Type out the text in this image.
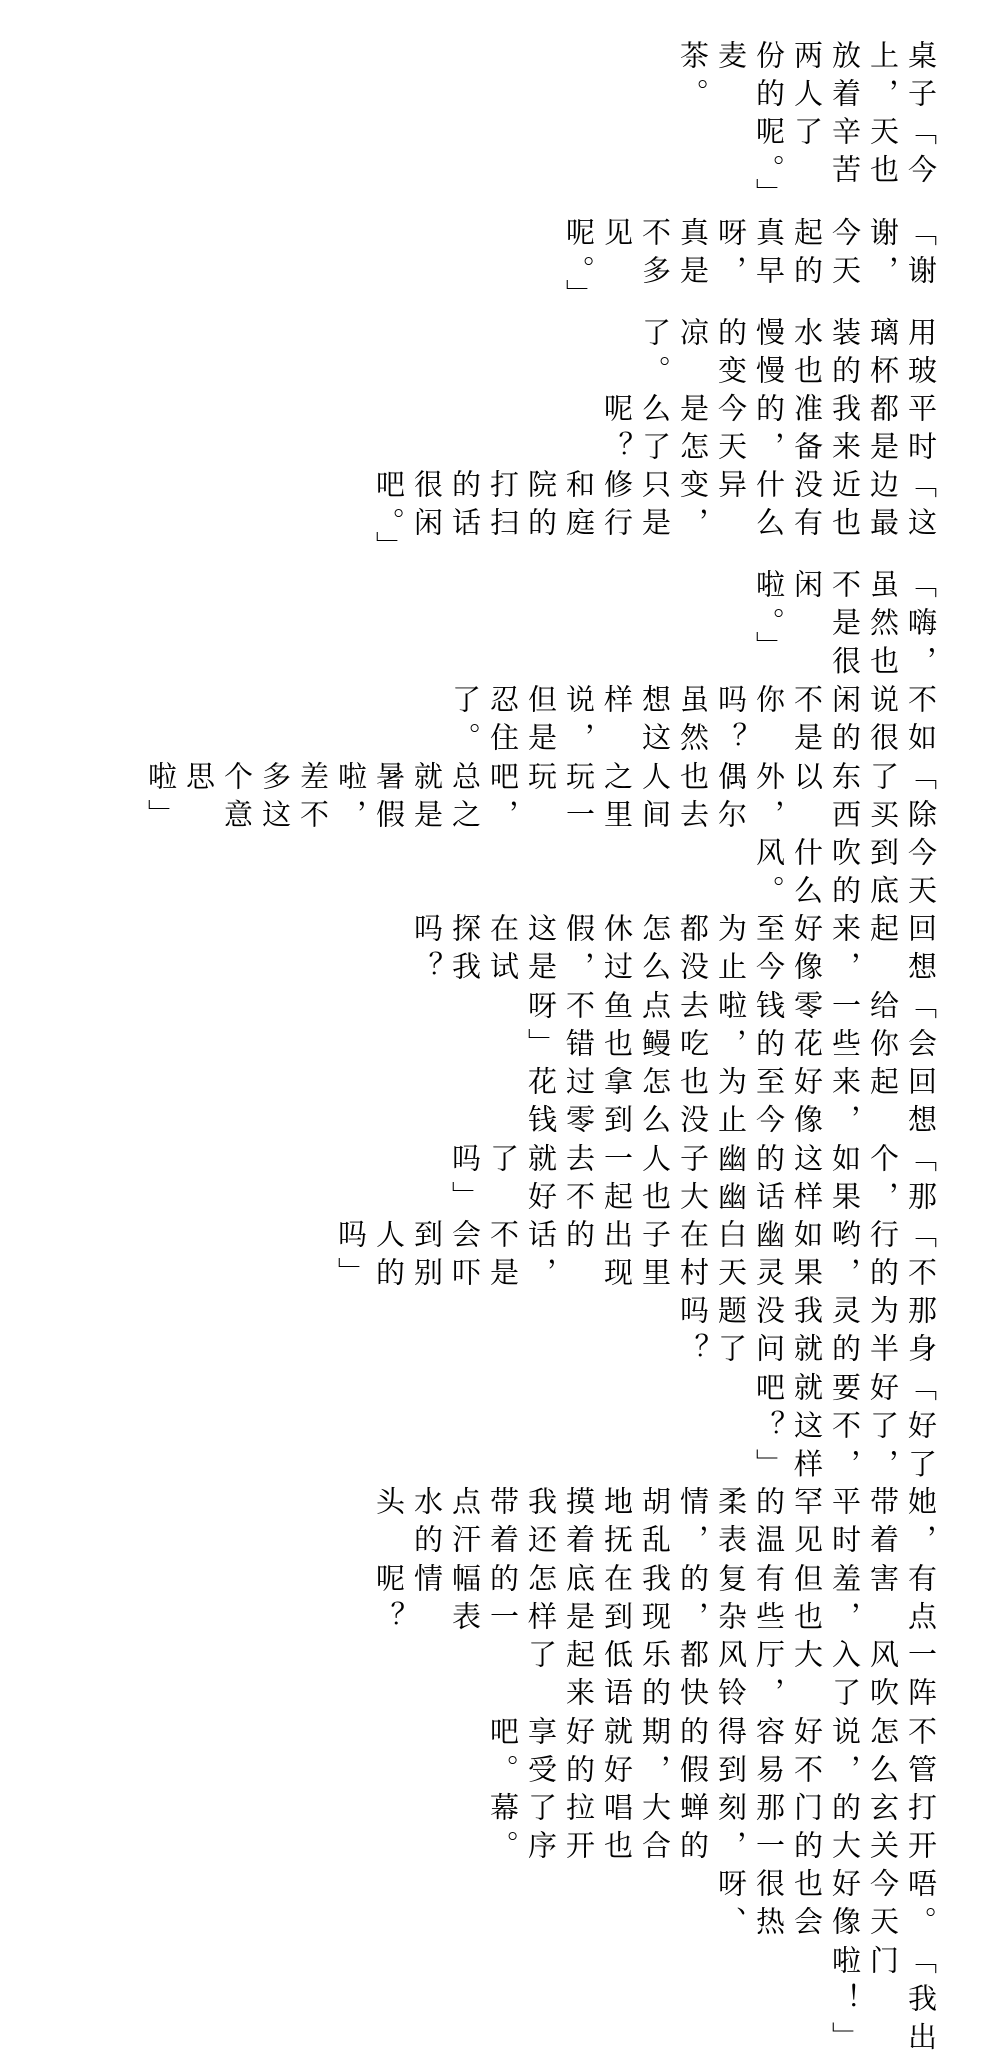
桌子上，放着两人份的麦茶。
「今天也辛苦了呢。」
「谢谢，今天起的真早呀，真是不多见呢。」
用玻璃杯装的水也慢慢的变凉了。
平时都是我来准备的，今天是怎么了呢？
「这边最近也没有什么异变，只是修行和庭院的打扫的话很闲吧。」
「嗨，虽然也不是很闲啦。」
不如说很闲的不是你吗？虽然想这样说，但是忍住了。
「除了买东西以外，偶尔也去人间之里玩一玩吧，总之就是暑假啦，差不多这个意思啦」
今天到底吹的什么风。
回想起来，好像至今为止都没怎么休过假，这是在试探我吗？
「会给你一些零花钱的啦，去吃点鳗鱼也不错呀」
回想起来，好像至今为止也没怎么拿到过零花钱
「那个，如果这样的话幽幽子大人也一起去不就好了吗」
「不行的哟，如果幽灵白天在村子里出现的话，不是会吓到别人的吗」
那身为半灵的我就没问题了吗？
「好了好了，要不，就这样吧？」
她，带着平时罕见的温柔表情，胡乱地抚摸着我还带着点汗水的头
有点害羞，但也有些复杂的，我现在到底是怎样的一幅表情呢？
一阵风吹入了大厅，风铃都快乐的低语起来了
不管怎么说，好不容易得到的假期，就好好的享受吧。
打开玄关的大门的那一刻，蝉的大合唱也拉开了序幕。
唔。今天好像也会很热呀、
「我出门啦！」
